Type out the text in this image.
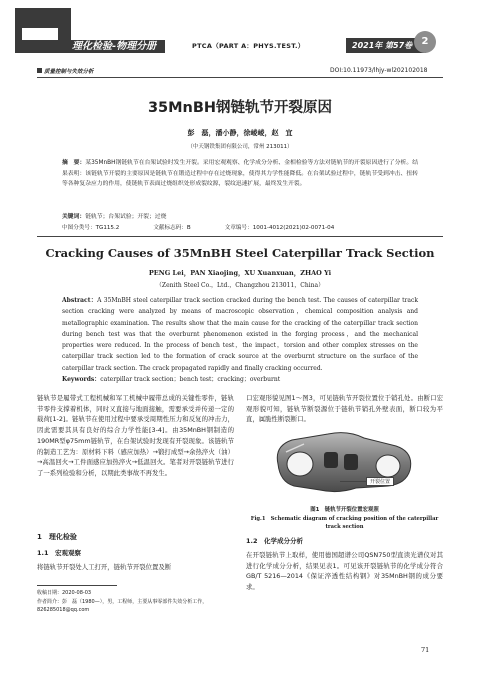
理化检验-物理分册	PTCA（PART A：PHYS.TEST.）	2021年 第57卷 2
质量控制与失效分析	DOI:10.11973/lhjy-wl202102018
35MnBH钢链轨节开裂原因
彭　磊，潘小静，徐崚崚，赵　宜
（中天钢铁集团有限公司，常州 213011）
摘　要：某35MnBH钢链轨节在台架试验时发生开裂。采用宏观观察、化学成分分析、金相检验等方法对链轨节的开裂原因进行了分析。结果表明：该链轨节开裂的主要原因是链轨节在锻造过程中存在过烧现象，使得其力学性能降低。在台架试验过程中，链轨节受到冲击、扭转等各种复杂应力的作用，使链轨节表面过烧组织处形成裂纹源，裂纹迅速扩展，最终发生开裂。
关键词：链轨节；台架试验；开裂；过烧
中图分类号：TG115.2	文献标志码：B	文章编号：1001-4012(2021)02-0071-04
Cracking Causes of 35MnBH Steel Caterpillar Track Section
PENG Lei，PAN Xiaojing，XU Xuanxuan，ZHAO Yi
（Zenith Steel Co.，Ltd.，Changzhou 213011，China）
Abstract：A 35MnBH steel caterpillar track section cracked during the bench test. The causes of caterpillar track section cracking were analyzed by means of macroscopic observation，chemical composition analysis and metallographic examination. The results show that the main cause for the cracking of the caterpillar track section during bench test was that the overburnt phenomenon existed in the forging process，and the mechanical properties were reduced. In the process of bench test，the impact，torsion and other complex stresses on the caterpillar track section led to the formation of crack source at the overburnt structure on the surface of the caterpillar track section. The crack propagated rapidly and finally cracking occurred.
Keywords：caterpillar track section；bench test；cracking；overburnt
链轨节是履带式工程机械和军工机械中履带总成的关键性零件，链轨节零件支撑着机体，同时又直接与地面接触，需要承受并传递一定的载荷[1-2]。链轨节在使用过程中要承受周期性压力和反复的冲击力，因此需要其具有良好的综合力学性能[3-4]。由35MnBH钢制造的190MR型φ75mm链轨节，在台架试验时发现有开裂现象。该链轨节的制造工艺为：原材料下料（感应加热）→锻打成型→余热淬火（油）→高温回火→工件面感应加热淬火→低温回火。笔者对开裂链轨节进行了一系列检验和分析，以期此类事故不再发生。
1　理化检验
1.1　宏观观察
将链轨节开裂处人工打开，链轨节开裂位置及断
收稿日期：2020-08-03
作者简介：彭　磊（1980—），男，工程师，主要从事零部件失效分析工作，826285018@qq.com
口宏观形貌见图1～图3，可见链轨节开裂位置位于销孔处。由断口宏观形貌可知，链轨节断裂源位于链轨节销孔外壁表面，断口较为平直，属脆性断裂断口。
开裂位置
图1　链轨节开裂位置宏观照
Fig.1　Schematic diagram of cracking position of the caterpillar track section
1.2　化学成分分析
在开裂链轨节上取样，使用德国超谱公司QSN750型直读光谱仪对其进行化学成分分析，结果见表1。可见该开裂链轨节的化学成分符合GB/T 5216—2014《保证淬透性结构钢》对35MnBH钢的成分要求。
71
